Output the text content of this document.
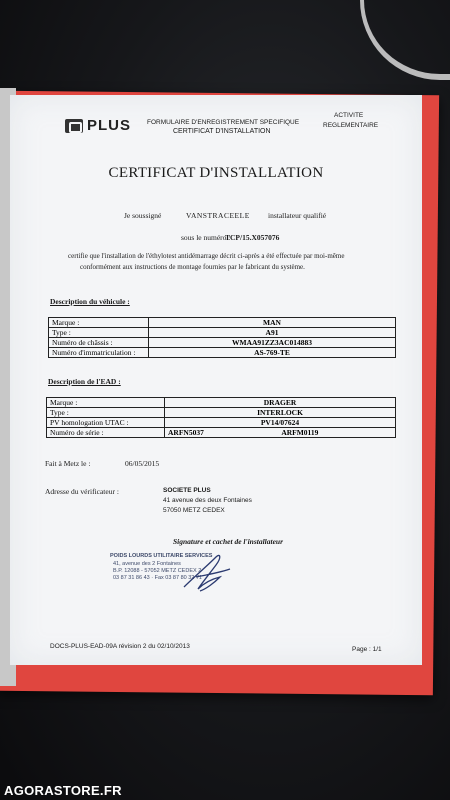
PLUS FORMULAIRE D'ENREGISTREMENT SPECIFIQUE
CERTIFICAT D'INSTALLATION
ACTIVITE
REGLEMENTAIRE
CERTIFICAT D'INSTALLATION
Je soussigné	VANSTRACEELE installateur qualifié
sous le numéro :
TCP/15.X057076
certifie que l'installation de l'éthylotest antidémarrage décrit ci-après a été effectuée par moi-même
conformément aux instructions de montage fournies par le fabricant du système.
Description du véhicule :
Marque :	MAN
Type :	A91
Numéro de châssis :	WMAA91ZZ3AC014883
Numéro d'immatriculation :	AS-769-TE
Description de l'EAD :
Marque :	DRAGER	
Type :	INTERLOCK	
PV homologation UTAC :	PV14/07624	
Numéro de série :	ARFN5037	ARFM0119
Fait à Metz le :	06/05/2015
Adresse du vérificateur :	SOCIETE PLUS
41 avenue des deux Fontaines
57050 METZ CEDEX
Signature et cachet de l'installateur
POIDS LOURDS UTILITAIRE SERVICES
41, avenue des 2 Fontaines
B.P. 12088 - 57052 METZ CEDEX 2
03 87 31 86 43 · Fax 03 87 80 32 71
DOCS-PLUS-EAD-09A révision 2 du 02/10/2013	Page : 1/1
AGORASTORE.FR
